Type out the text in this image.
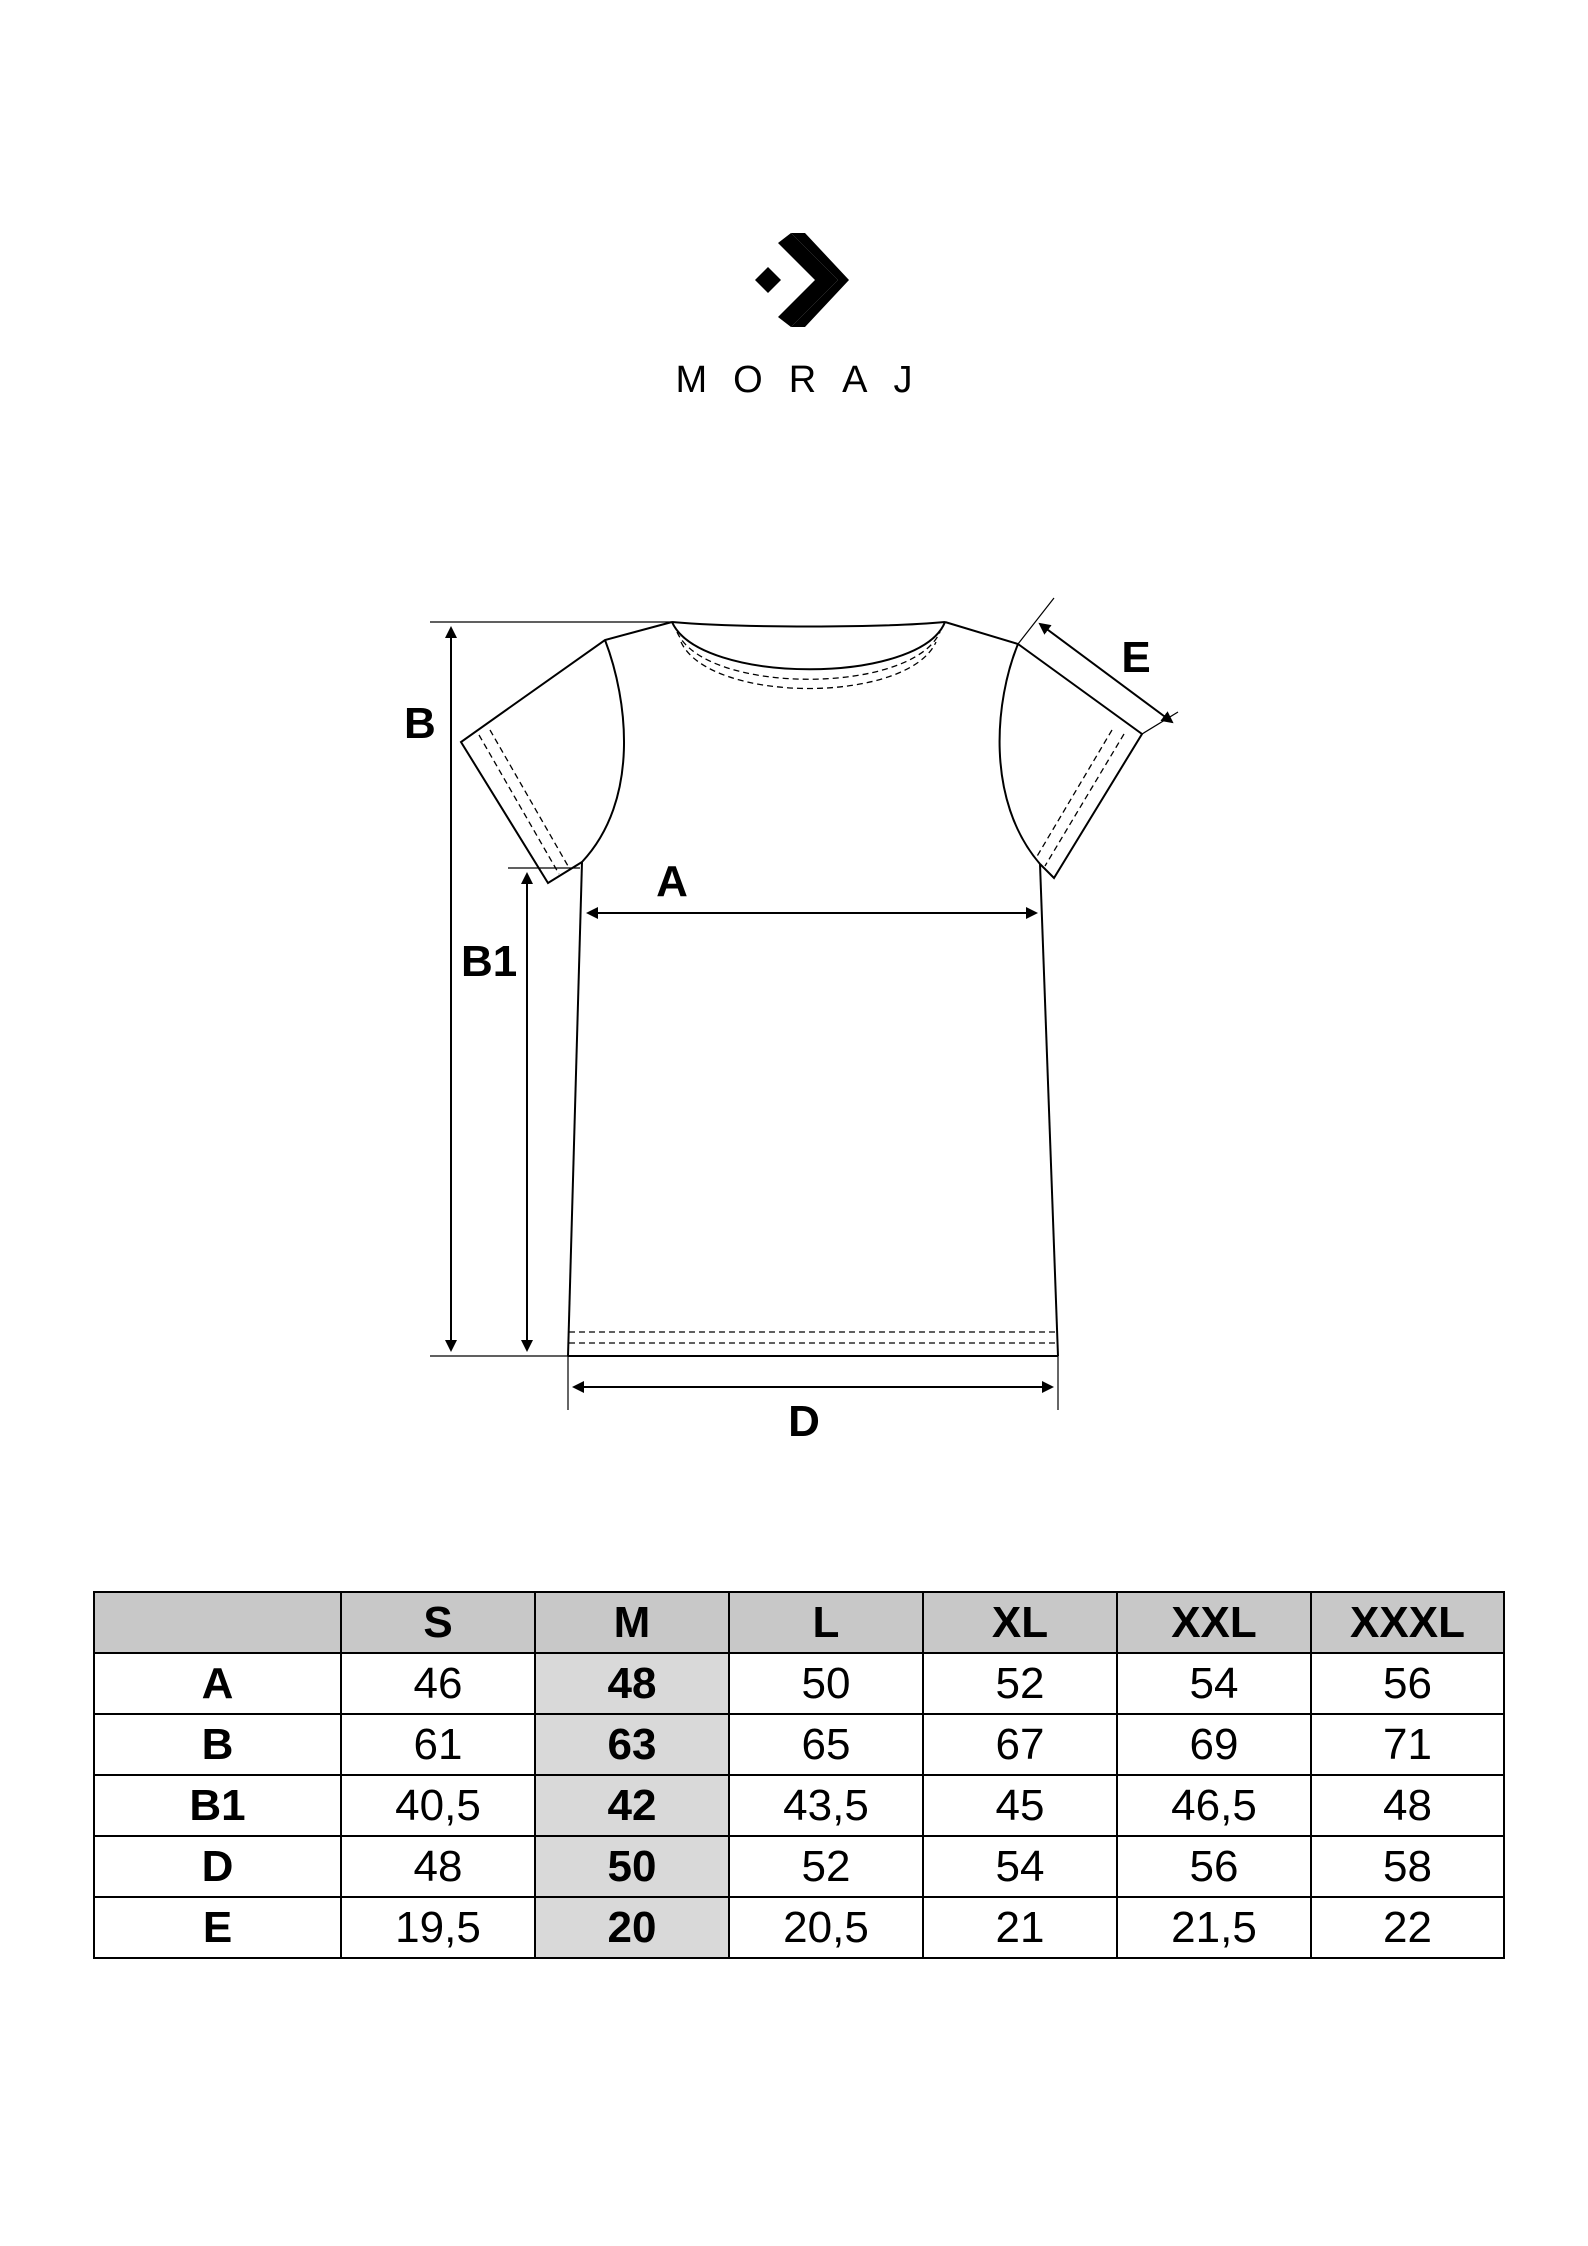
MORAJ
B
B1
A
D
E
	S	M	L	XL	XXL	XXXL
A	46	48	50	52	54	56
B	61	63	65	67	69	71
B1	40,5	42	43,5	45	46,5	48
D	48	50	52	54	56	58
E	19,5	20	20,5	21	21,5	22
